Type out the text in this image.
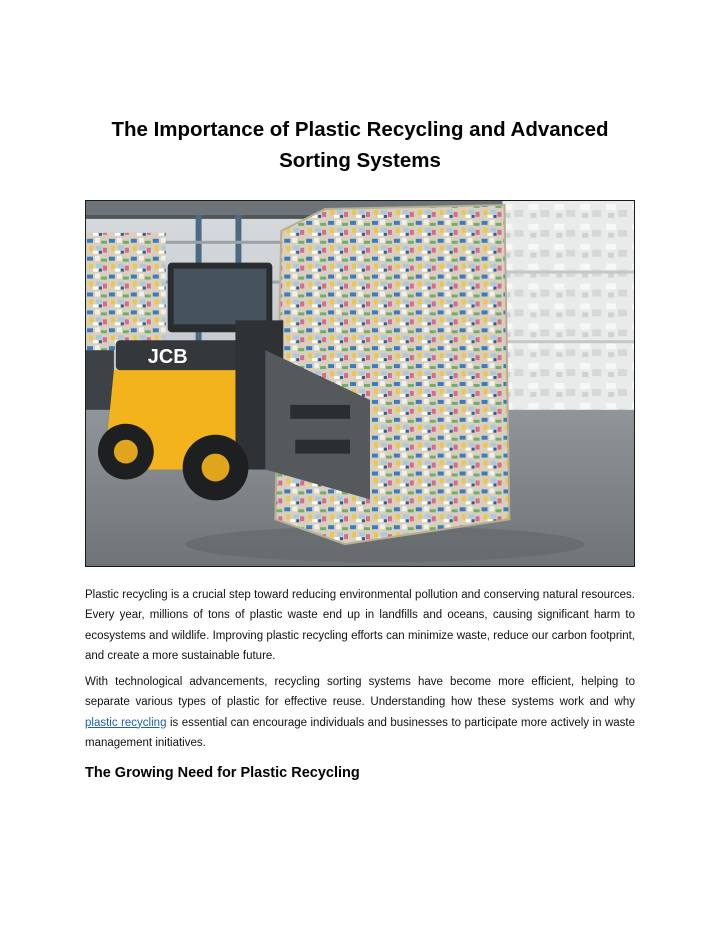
The Importance of Plastic Recycling and Advanced
Sorting Systems
JCB

Plastic recycling is a crucial step toward reducing environmental pollution and conserving natural resources. Every year, millions of tons of plastic waste end up in landfills and oceans, causing significant harm to ecosystems and wildlife. Improving plastic recycling efforts can minimize waste, reduce our carbon footprint, and create a more sustainable future.

With technological advancements, recycling sorting systems have become more efficient, helping to separate various types of plastic for effective reuse. Understanding how these systems work and why plastic recycling is essential can encourage individuals and businesses to participate more actively in waste management initiatives.

The Growing Need for Plastic Recycling
